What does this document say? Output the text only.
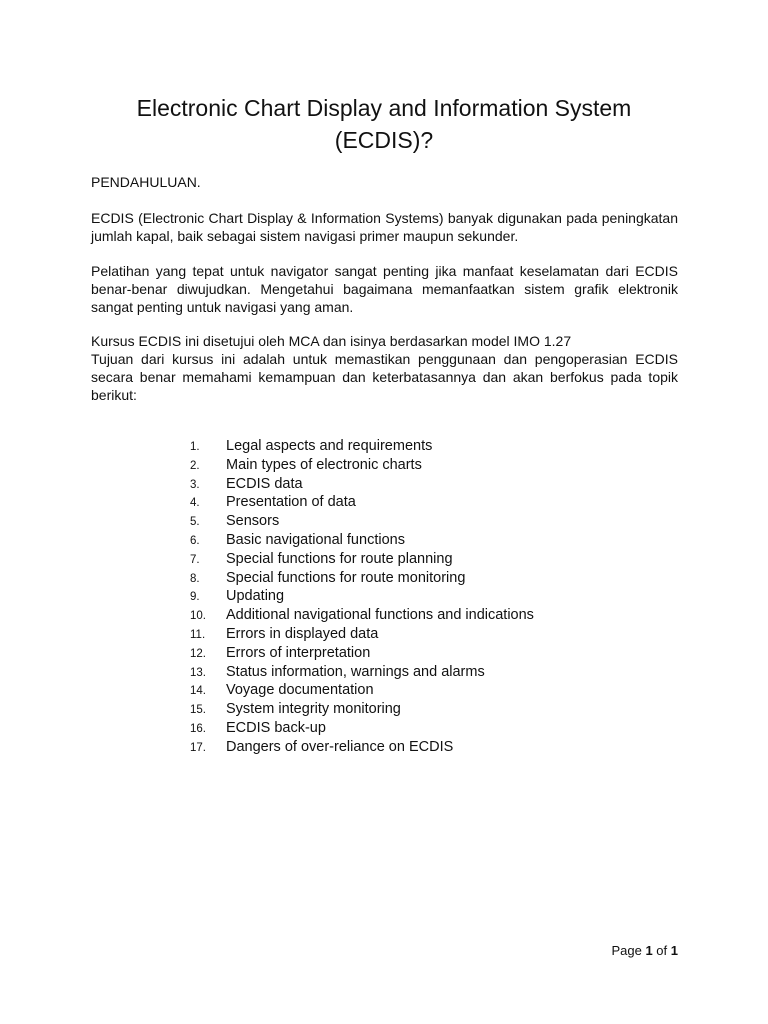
Electronic Chart Display and Information System
(ECDIS)?

PENDAHULUAN.

ECDIS (Electronic Chart Display & Information Systems) banyak digunakan pada peningkatan jumlah kapal, baik sebagai sistem navigasi primer maupun sekunder.

Pelatihan yang tepat untuk navigator sangat penting jika manfaat keselamatan dari ECDIS benar-benar diwujudkan. Mengetahui bagaimana memanfaatkan sistem grafik elektronik sangat penting untuk navigasi yang aman.

Kursus ECDIS ini disetujui oleh MCA dan isinya berdasarkan model IMO 1.27

Tujuan dari kursus ini adalah untuk memastikan penggunaan dan pengoperasian ECDIS secara benar memahami kemampuan dan keterbatasannya dan akan berfokus pada topik berikut:

1.	Legal aspects and requirements
2.	Main types of electronic charts
3.	ECDIS data
4.	Presentation of data
5.	Sensors
6.	Basic navigational functions
7.	Special functions for route planning
8.	Special functions for route monitoring
9.	Updating
10.	Additional navigational functions and indications
11.	Errors in displayed data
12.	Errors of interpretation
13.	Status information, warnings and alarms
14.	Voyage documentation
15.	System integrity monitoring
16.	ECDIS back-up
17.	Dangers of over-reliance on ECDIS
Page 1 of 1
